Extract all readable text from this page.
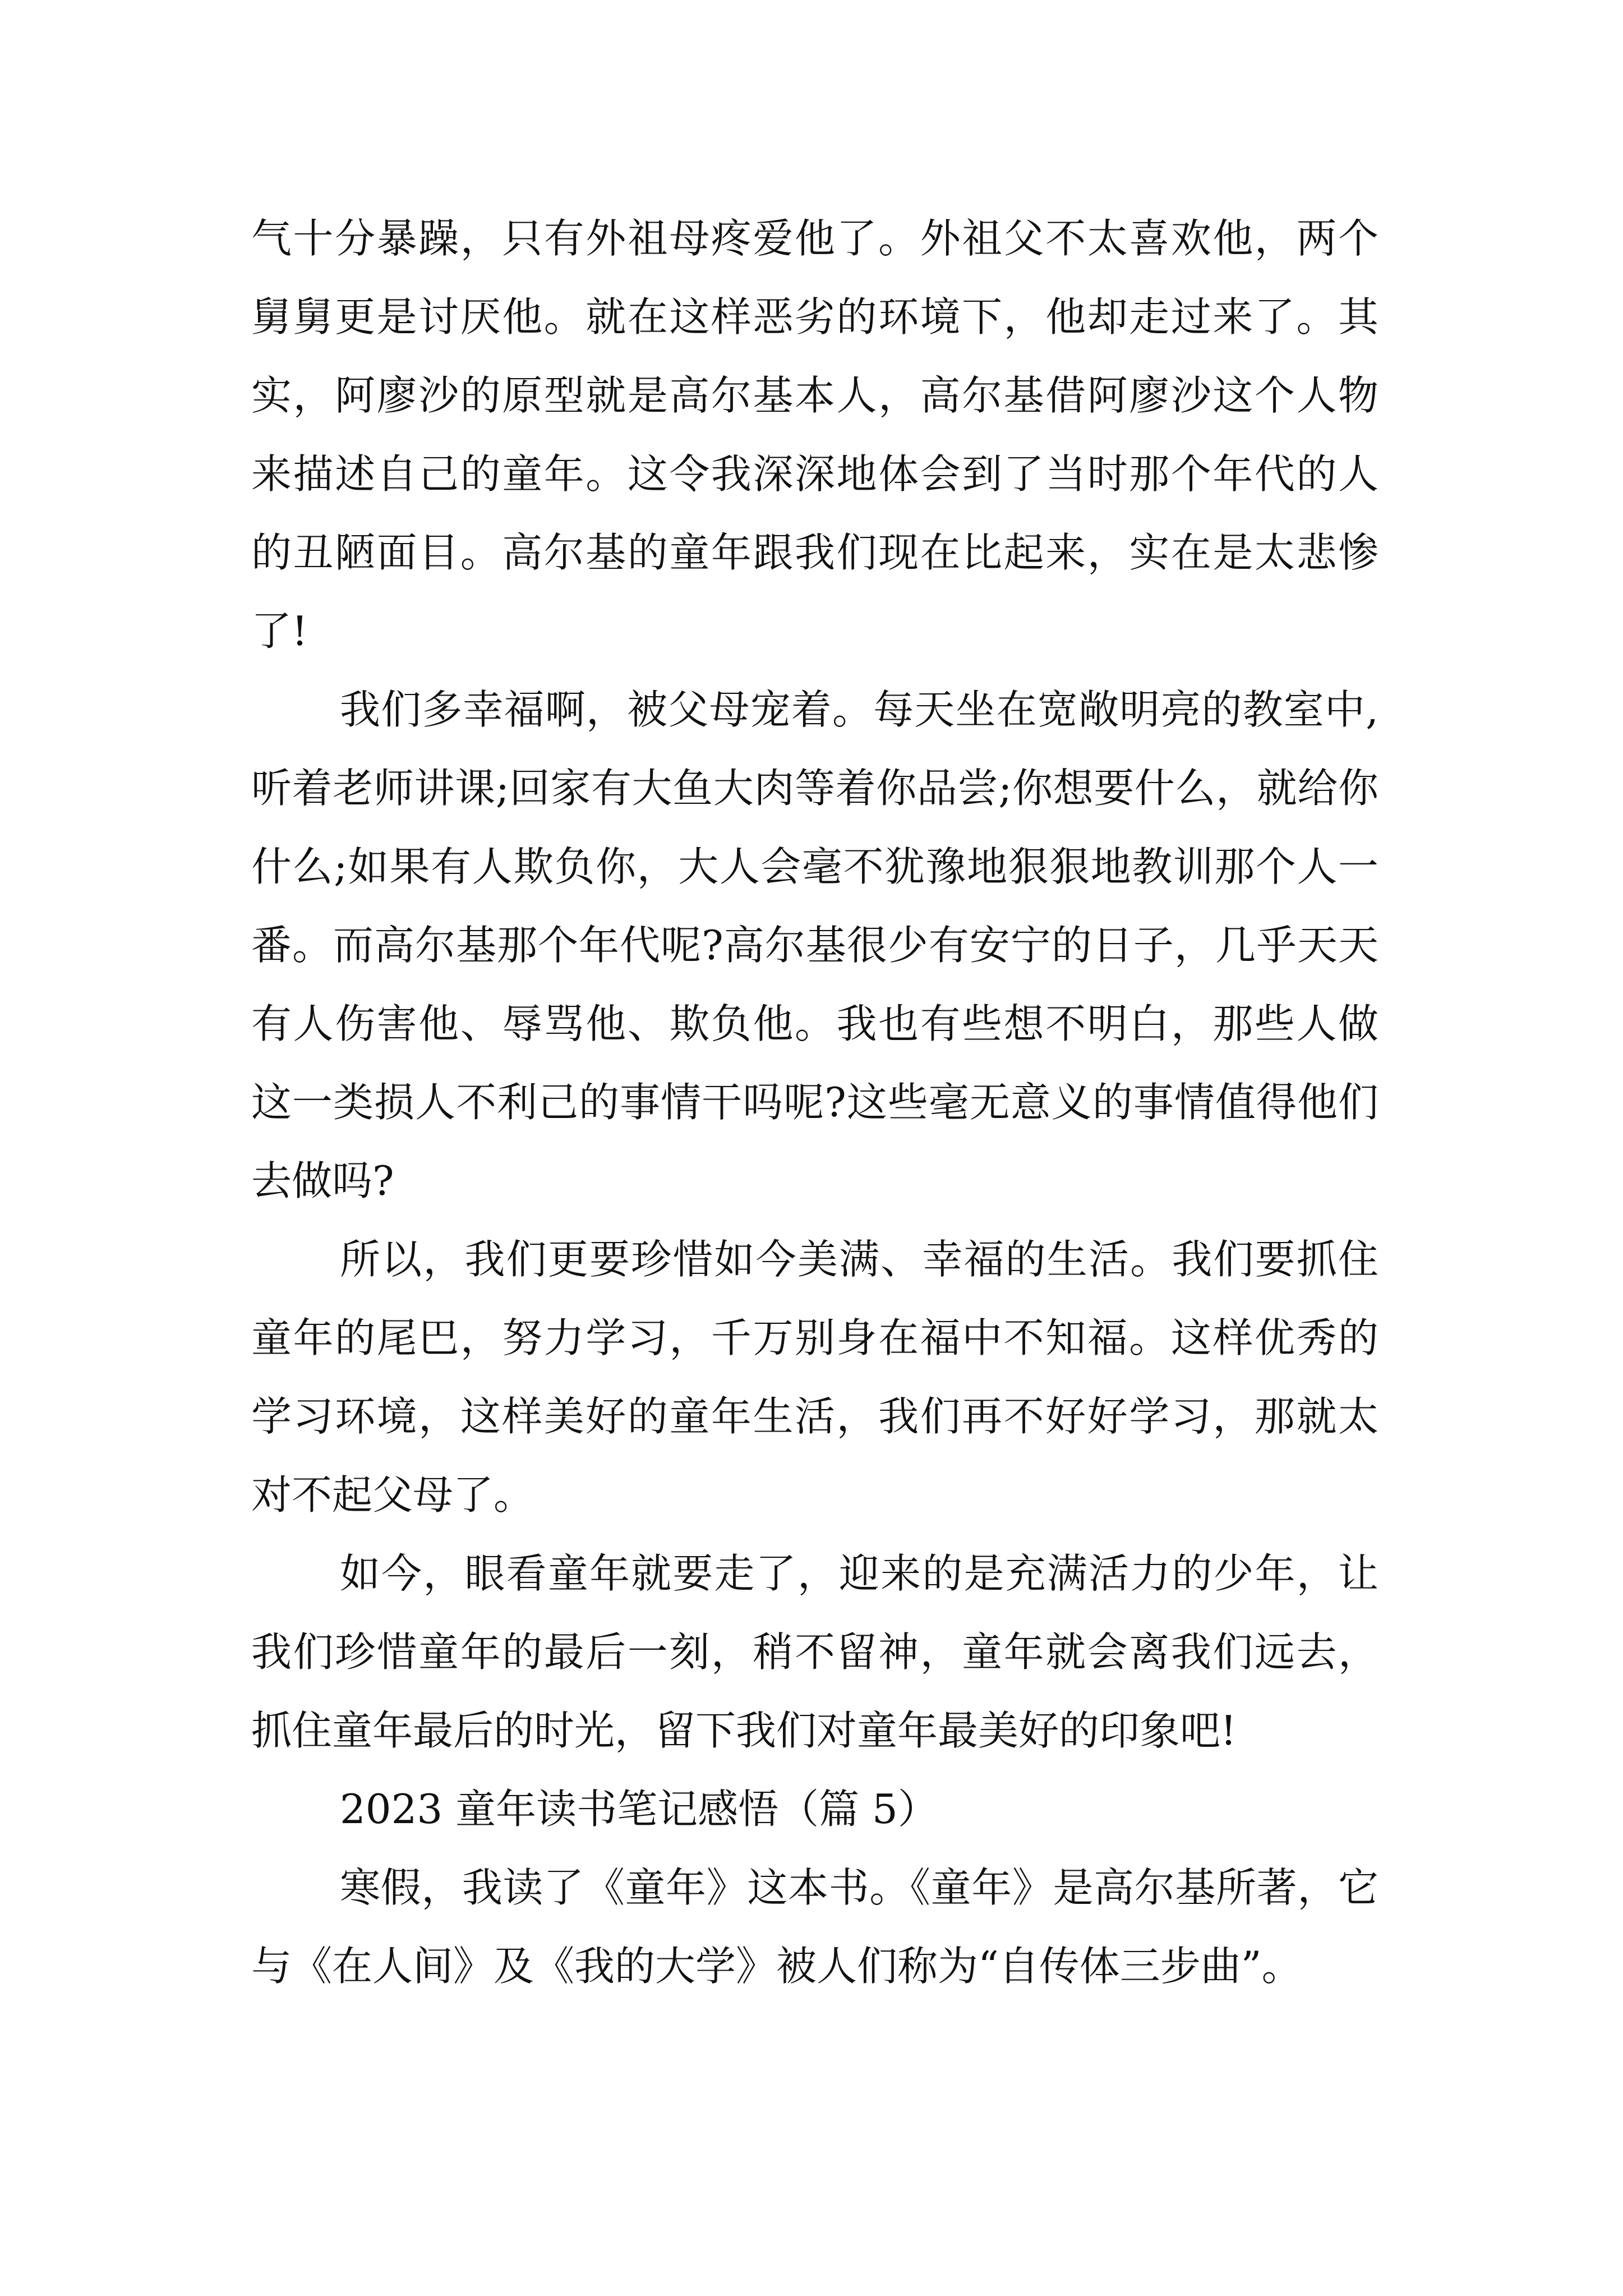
气十分暴躁，只有外祖母疼爱他了。外祖父不太喜欢他，两个舅舅更是讨厌他。就在这样恶劣的环境下，他却走过来了。其实，阿廖沙的原型就是高尔基本人，高尔基借阿廖沙这个人物来描述自己的童年。这令我深深地体会到了当时那个年代的人的丑陋面目。高尔基的童年跟我们现在比起来，实在是太悲惨了!

我们多幸福啊，被父母宠着。每天坐在宽敞明亮的教室中,听着老师讲课;回家有大鱼大肉等着你品尝;你想要什么，就给你什么;如果有人欺负你，大人会毫不犹豫地狠狠地教训那个人一番。而高尔基那个年代呢?高尔基很少有安宁的日子，几乎天天有人伤害他、辱骂他、欺负他。我也有些想不明白，那些人做这一类损人不利己的事情干吗呢?这些毫无意义的事情值得他们去做吗?

所以，我们更要珍惜如今美满、幸福的生活。我们要抓住童年的尾巴，努力学习，千万别身在福中不知福。这样优秀的学习环境，这样美好的童年生活，我们再不好好学习，那就太对不起父母了。

如今，眼看童年就要走了，迎来的是充满活力的少年，让我们珍惜童年的最后一刻，稍不留神，童年就会离我们远去，抓住童年最后的时光，留下我们对童年最美好的印象吧!

2023 童年读书笔记感悟（篇 5）

寒假，我读了《童年》这本书。《童年》是高尔基所著，它与《在人间》及《我的大学》被人们称为“自传体三步曲”。
